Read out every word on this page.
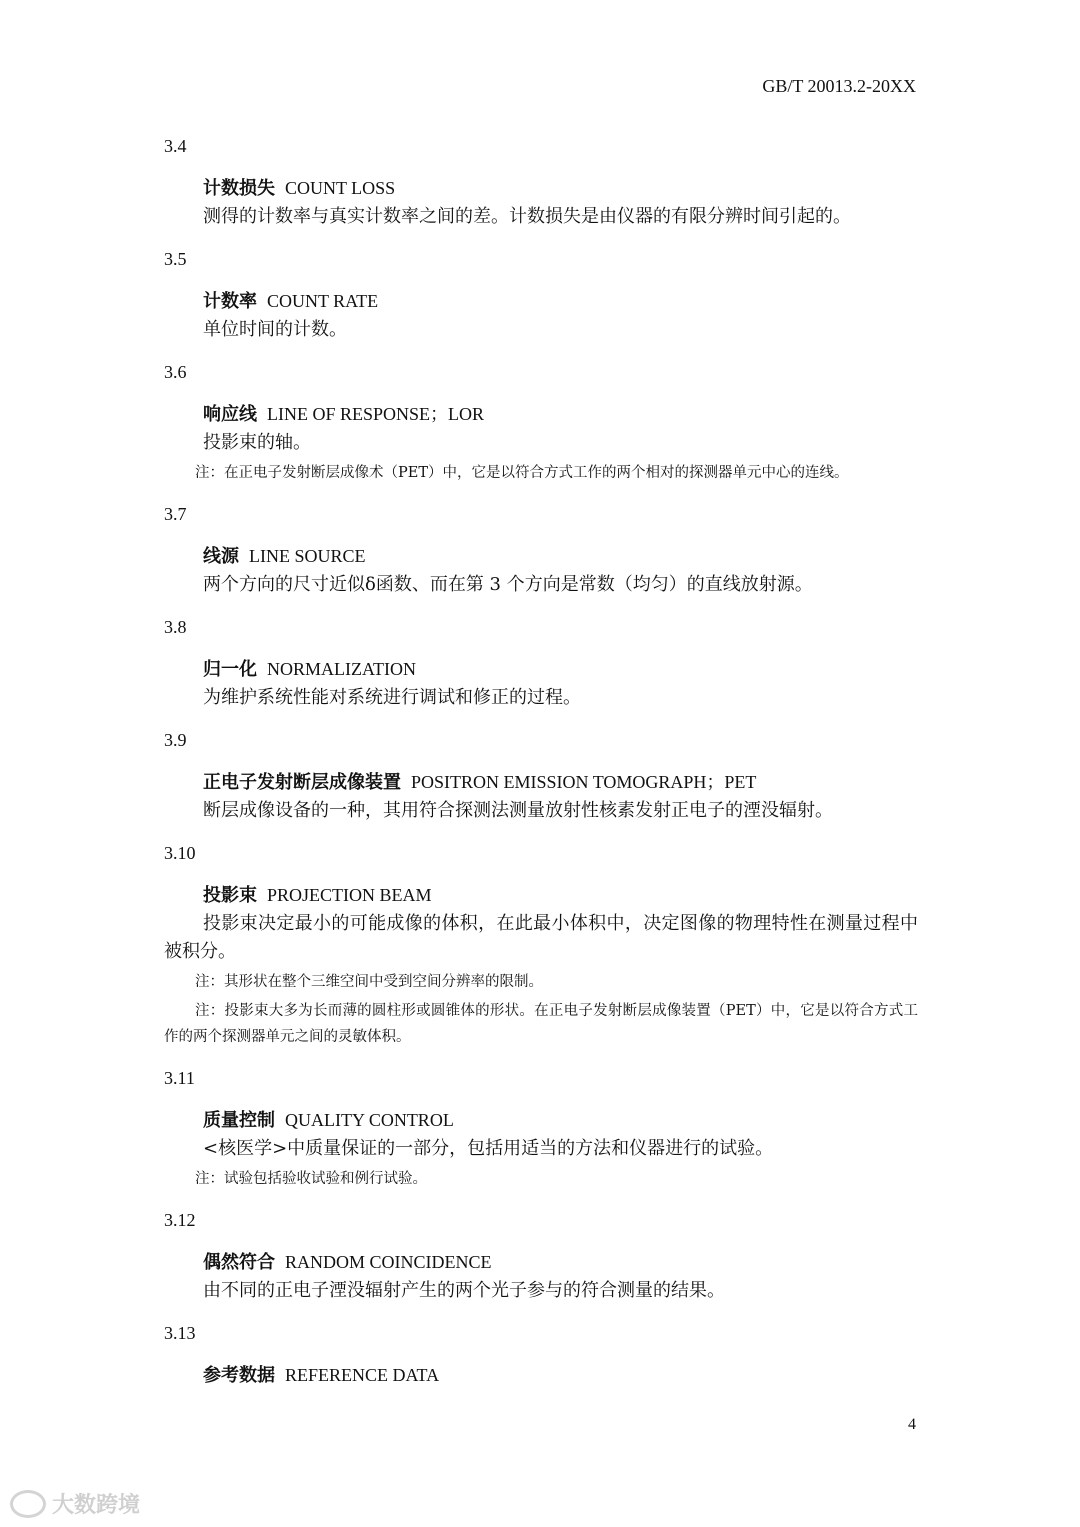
GB/T 20013.2-20XX
3.4
计数损失 COUNT LOSS
测得的计数率与真实计数率之间的差。计数损失是由仪器的有限分辨时间引起的。
3.5
计数率 COUNT RATE
单位时间的计数。
3.6
响应线 LINE OF RESPONSE；LOR
投影束的轴。
注：在正电子发射断层成像术（PET）中，它是以符合方式工作的两个相对的探测器单元中心的连线。
3.7
线源 LINE SOURCE
两个方向的尺寸近似δ函数、而在第 3 个方向是常数（均匀）的直线放射源。
3.8
归一化 NORMALIZATION
为维护系统性能对系统进行调试和修正的过程。
3.9
正电子发射断层成像装置 POSITRON EMISSION TOMOGRAPH；PET
断层成像设备的一种，其用符合探测法测量放射性核素发射正电子的湮没辐射。
3.10
投影束 PROJECTION BEAM
投影束决定最小的可能成像的体积，在此最小体积中，决定图像的物理特性在测量过程中被积分。
注：其形状在整个三维空间中受到空间分辨率的限制。
注：投影束大多为长而薄的圆柱形或圆锥体的形状。在正电子发射断层成像装置（PET）中，它是以符合方式工作的两个探测器单元之间的灵敏体积。
3.11
质量控制 QUALITY CONTROL
<核医学>中质量保证的一部分，包括用适当的方法和仪器进行的试验。
注：试验包括验收试验和例行试验。
3.12
偶然符合 RANDOM COINCIDENCE
由不同的正电子湮没辐射产生的两个光子参与的符合测量的结果。
3.13
参考数据 REFERENCE DATA
4
大数跨境
